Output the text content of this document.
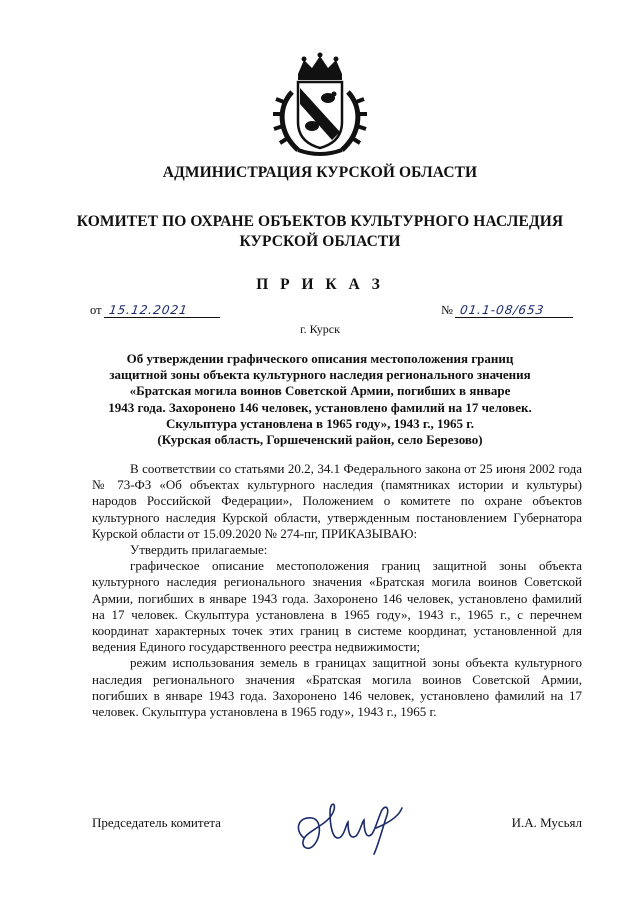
АДМИНИСТРАЦИЯ КУРСКОЙ ОБЛАСТИ
КОМИТЕТ ПО ОХРАНЕ ОБЪЕКТОВ КУЛЬТУРНОГО НАСЛЕДИЯ
КУРСКОЙ ОБЛАСТИ
П Р И К А З
от 15.12.2021	№ 01.1-08/653
г. Курск
Об утверждении графического описания местоположения границ
защитной зоны объекта культурного наследия регионального значения
«Братская могила воинов Советской Армии, погибших в январе
1943 года. Захоронено 146 человек, установлено фамилий на 17 человек.
Скульптура установлена в 1965 году», 1943 г., 1965 г.
(Курская область, Горшеченский район, село Березово)

В соответствии со статьями 20.2, 34.1 Федерального закона от 25 июня 2002 года № 73-ФЗ «Об объектах культурного наследия (памятниках истории и культуры) народов Российской Федерации», Положением о комитете по охране объектов культурного наследия Курской области, утвержденным постановлением Губернатора Курской области от 15.09.2020 № 274-пг, ПРИКАЗЫВАЮ:

Утвердить прилагаемые:

графическое описание местоположения границ защитной зоны объекта культурного наследия регионального значения «Братская могила воинов Советской Армии, погибших в январе 1943 года. Захоронено 146 человек, установлено фамилий на 17 человек. Скульптура установлена в 1965 году», 1943 г., 1965 г., с перечнем координат характерных точек этих границ в системе координат, установленной для ведения Единого государственного реестра недвижимости;

режим использования земель в границах защитной зоны объекта культурного наследия регионального значения «Братская могила воинов Советской Армии, погибших в январе 1943 года. Захоронено 146 человек, установлено фамилий на 17 человек. Скульптура установлена в 1965 году», 1943 г., 1965 г.

Председатель комитета	И.А. Мусьял
